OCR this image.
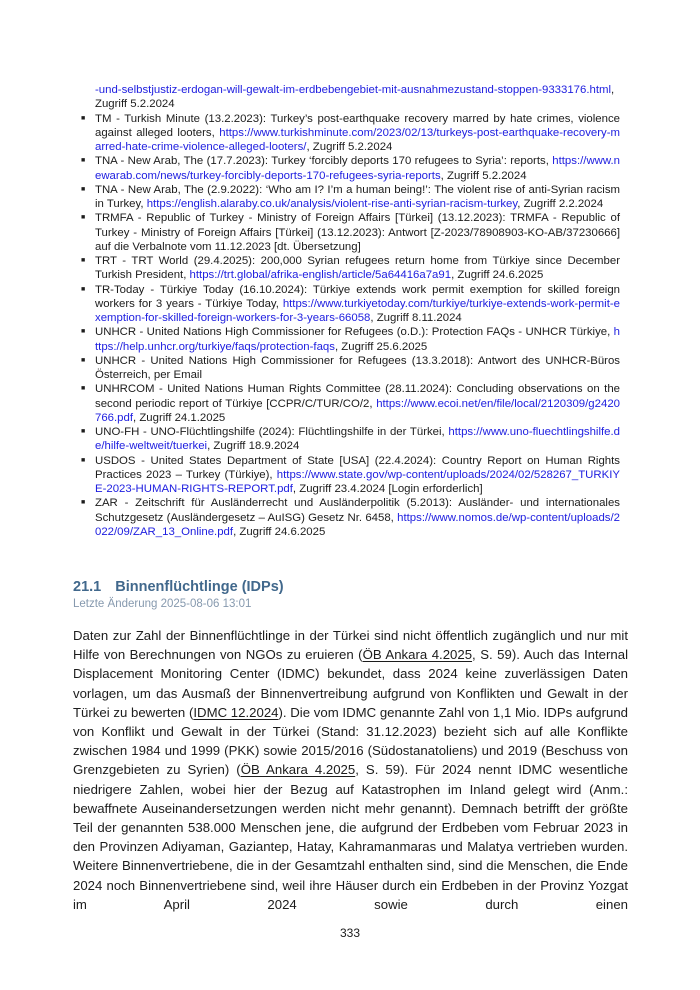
-und-selbstjustiz-erdogan-will-gewalt-im-erdbebengebiet-mit-ausnahmezustand-stoppen-9333176.html, Zugriff 5.2.2024
■ TM - Turkish Minute (13.2.2023): Turkey’s post-earthquake recovery marred by hate crimes, violence against alleged looters, https://www.turkishminute.com/2023/02/13/turkeys-post-earthquake-recovery-marred-hate-crime-violence-alleged-looters/, Zugriff 5.2.2024
■ TNA - New Arab, The (17.7.2023): Turkey ‘forcibly deports 170 refugees to Syria’: reports, https://www.newarab.com/news/turkey-forcibly-deports-170-refugees-syria-reports, Zugriff 5.2.2024
■ TNA - New Arab, The (2.9.2022): ‘Who am I? I’m a human being!’: The violent rise of anti-Syrian racism in Turkey, https://english.alaraby.co.uk/analysis/violent-rise-anti-syrian-racism-turkey, Zugriff 2.2.2024
■ TRMFA - Republic of Turkey - Ministry of Foreign Affairs [Türkei] (13.12.2023): TRMFA - Republic of Turkey - Ministry of Foreign Affairs [Türkei] (13.12.2023): Antwort [Z-2023/78908903-KO-AB/37230666] auf die Verbalnote vom 11.12.2023 [dt. Übersetzung]
■ TRT - TRT World (29.4.2025): 200,000 Syrian refugees return home from Türkiye since December Turkish President, https://trt.global/afrika-english/article/5a64416a7a91, Zugriff 24.6.2025
■ TR-Today - Türkiye Today (16.10.2024): Türkiye extends work permit exemption for skilled foreign workers for 3 years - Türkiye Today, https://www.turkiyetoday.com/turkiye/turkiye-extends-work-permit-exemption-for-skilled-foreign-workers-for-3-years-66058, Zugriff 8.11.2024
■ UNHCR - United Nations High Commissioner for Refugees (o.D.): Protection FAQs - UNHCR Türkiye, https://help.unhcr.org/turkiye/faqs/protection-faqs, Zugriff 25.6.2025
■ UNHCR - United Nations High Commissioner for Refugees (13.3.2018): Antwort des UNHCR-Büros Österreich, per Email
■ UNHRCOM - United Nations Human Rights Committee (28.11.2024): Concluding observations on the second periodic report of Türkiye [CCPR/C/TUR/CO/2, https://www.ecoi.net/en/file/local/2120309/g2420766.pdf, Zugriff 24.1.2025
■ UNO-FH - UNO-Flüchtlingshilfe (2024): Flüchtlingshilfe in der Türkei, https://www.uno-fluechtlingshilfe.de/hilfe-weltweit/tuerkei, Zugriff 18.9.2024
■ USDOS - United States Department of State [USA] (22.4.2024): Country Report on Human Rights Practices 2023 – Turkey (Türkiye), https://www.state.gov/wp-content/uploads/2024/02/528267_TURKIYE-2023-HUMAN-RIGHTS-REPORT.pdf, Zugriff 23.4.2024 [Login erforderlich]
■ ZAR - Zeitschrift für Ausländerrecht und Ausländerpolitik (5.2013): Ausländer- und internationales Schutzgesetz (Ausländergesetz – AuISG) Gesetz Nr. 6458, https://www.nomos.de/wp-content/uploads/2022/09/ZAR_13_Online.pdf, Zugriff 24.6.2025
21.1 Binnenflüchtlinge (IDPs)
Letzte Änderung 2025-08-06 13:01
Daten zur Zahl der Binnenflüchtlinge in der Türkei sind nicht öffentlich zugänglich und nur mit Hilfe von Berechnungen von NGOs zu eruieren (ÖB Ankara 4.2025, S. 59). Auch das Internal Displacement Monitoring Center (IDMC) bekundet, dass 2024 keine zuverlässigen Daten vorlagen, um das Ausmaß der Binnenvertreibung aufgrund von Konflikten und Gewalt in der Türkei zu bewerten (IDMC 12.2024). Die vom IDMC genannte Zahl von 1,1 Mio. IDPs aufgrund von Konflikt und Gewalt in der Türkei (Stand: 31.12.2023) bezieht sich auf alle Konflikte zwischen 1984 und 1999 (PKK) sowie 2015/2016 (Südostanatoliens) und 2019 (Beschuss von Grenzgebieten zu Syrien) (ÖB Ankara 4.2025, S. 59). Für 2024 nennt IDMC wesentliche niedrigere Zahlen, wobei hier der Bezug auf Katastrophen im Inland gelegt wird (Anm.: bewaffnete Auseinandersetzungen werden nicht mehr genannt). Demnach betrifft der größte Teil der genannten 538.000 Menschen jene, die aufgrund der Erdbeben vom Februar 2023 in den Provinzen Adiyaman, Gaziantep, Hatay, Kahramanmaras und Malatya vertrieben wurden. Weitere Binnenvertriebene, die in der Gesamtzahl enthalten sind, sind die Menschen, die Ende 2024 noch Binnenvertriebene sind, weil ihre Häuser durch ein Erdbeben in der Provinz Yozgat im April 2024 sowie durch einen
333
